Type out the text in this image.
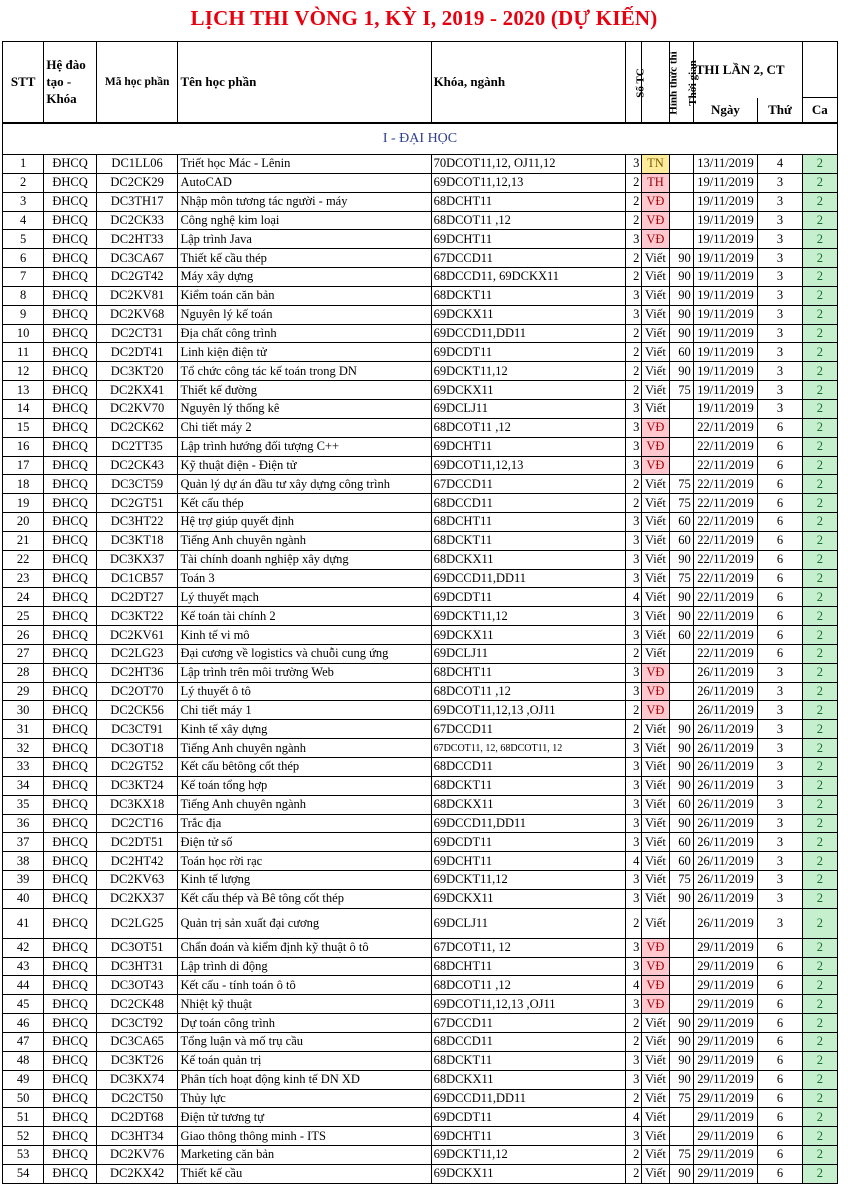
LỊCH THI VÒNG 1, KỲ I, 2019 - 2020 (DỰ KIẾN)
STT	Hệ đào tạo - Khóa	Mã học phần	Tên học phần	Khóa, ngành	Số TC	Hình thức thi	Thời gian	THI LẦN 2, CT		
								Ngày	Thứ	Ca
I - ĐẠI HỌC										
1	ĐHCQ	DC1LL06	Triết học Mác - Lênin	70DCOT11,12, OJ11,12	3	TN		13/11/2019	4	2
2	ĐHCQ	DC2CK29	AutoCAD	69DCOT11,12,13	2	TH		19/11/2019	3	2
3	ĐHCQ	DC3TH17	Nhập môn tương tác người - máy	68DCHT11	2	VĐ		19/11/2019	3	2
4	ĐHCQ	DC2CK33	Công nghệ kim loại	68DCOT11 ,12	2	VĐ		19/11/2019	3	2
5	ĐHCQ	DC2HT33	Lập trình Java	69DCHT11	3	VĐ		19/11/2019	3	2
6	ĐHCQ	DC3CA67	Thiết kế cầu thép	67DCCD11	2	Viết	90	19/11/2019	3	2
7	ĐHCQ	DC2GT42	Máy xây dựng	68DCCD11, 69DCKX11	2	Viết	90	19/11/2019	3	2
8	ĐHCQ	DC2KV81	Kiểm toán căn bản	68DCKT11	3	Viết	90	19/11/2019	3	2
9	ĐHCQ	DC2KV68	Nguyên lý kế toán	69DCKX11	3	Viết	90	19/11/2019	3	2
10	ĐHCQ	DC2CT31	Địa chất công trình	69DCCD11,DD11	2	Viết	90	19/11/2019	3	2
11	ĐHCQ	DC2DT41	Linh kiện điện tử	69DCDT11	2	Viết	60	19/11/2019	3	2
12	ĐHCQ	DC3KT20	Tổ chức công tác kế toán trong DN	69DCKT11,12	2	Viết	90	19/11/2019	3	2
13	ĐHCQ	DC2KX41	Thiết kế đường	69DCKX11	2	Viết	75	19/11/2019	3	2
14	ĐHCQ	DC2KV70	Nguyên lý thống kê	69DCLJ11	3	Viết		19/11/2019	3	2
15	ĐHCQ	DC2CK62	Chi tiết máy 2	68DCOT11 ,12	3	VĐ		22/11/2019	6	2
16	ĐHCQ	DC2TT35	Lập trình hướng đối tượng C++	69DCHT11	3	VĐ		22/11/2019	6	2
17	ĐHCQ	DC2CK43	Kỹ thuật điện - Điện tử	69DCOT11,12,13	3	VĐ		22/11/2019	6	2
18	ĐHCQ	DC3CT59	Quản lý dự án đầu tư xây dựng công trình	67DCCD11	2	Viết	75	22/11/2019	6	2
19	ĐHCQ	DC2GT51	Kết cấu thép	68DCCD11	2	Viết	75	22/11/2019	6	2
20	ĐHCQ	DC3HT22	Hệ trợ giúp quyết định	68DCHT11	3	Viết	60	22/11/2019	6	2
21	ĐHCQ	DC3KT18	Tiếng Anh chuyên ngành	68DCKT11	3	Viết	60	22/11/2019	6	2
22	ĐHCQ	DC3KX37	Tài chính doanh nghiệp xây dựng	68DCKX11	3	Viết	90	22/11/2019	6	2
23	ĐHCQ	DC1CB57	Toán 3	69DCCD11,DD11	3	Viết	75	22/11/2019	6	2
24	ĐHCQ	DC2DT27	Lý thuyết mạch	69DCDT11	4	Viết	90	22/11/2019	6	2
25	ĐHCQ	DC3KT22	Kế toán tài chính 2	69DCKT11,12	3	Viết	90	22/11/2019	6	2
26	ĐHCQ	DC2KV61	Kinh tế vi mô	69DCKX11	3	Viết	60	22/11/2019	6	2
27	ĐHCQ	DC2LG23	Đại cương về logistics và chuỗi cung ứng	69DCLJ11	2	Viết		22/11/2019	6	2
28	ĐHCQ	DC2HT36	Lập trình trên môi trường Web	68DCHT11	3	VĐ		26/11/2019	3	2
29	ĐHCQ	DC2OT70	Lý thuyết ô tô	68DCOT11 ,12	3	VĐ		26/11/2019	3	2
30	ĐHCQ	DC2CK56	Chi tiết máy 1	69DCOT11,12,13 ,OJ11	2	VĐ		26/11/2019	3	2
31	ĐHCQ	DC3CT91	Kinh tế xây dựng	67DCCD11	2	Viết	90	26/11/2019	3	2
32	ĐHCQ	DC3OT18	Tiếng Anh chuyên ngành	67DCOT11, 12, 68DCOT11, 12	3	Viết	90	26/11/2019	3	2
33	ĐHCQ	DC2GT52	Kết cấu bêtông cốt thép	68DCCD11	3	Viết	90	26/11/2019	3	2
34	ĐHCQ	DC3KT24	Kế toán tổng hợp	68DCKT11	3	Viết	90	26/11/2019	3	2
35	ĐHCQ	DC3KX18	Tiếng Anh chuyên ngành	68DCKX11	3	Viết	60	26/11/2019	3	2
36	ĐHCQ	DC2CT16	Trắc địa	69DCCD11,DD11	3	Viết	90	26/11/2019	3	2
37	ĐHCQ	DC2DT51	Điện tử số	69DCDT11	3	Viết	60	26/11/2019	3	2
38	ĐHCQ	DC2HT42	Toán học rời rạc	69DCHT11	4	Viết	60	26/11/2019	3	2
39	ĐHCQ	DC2KV63	Kinh tế lượng	69DCKT11,12	3	Viết	75	26/11/2019	3	2
40	ĐHCQ	DC2KX37	Kết cấu thép và Bê tông cốt thép	69DCKX11	3	Viết	90	26/11/2019	3	2
41	ĐHCQ	DC2LG25	Quản trị sản xuất đại cương	69DCLJ11	2	Viết		26/11/2019	3	2
42	ĐHCQ	DC3OT51	Chẩn đoán và kiểm định kỹ thuật ô tô	67DCOT11, 12	3	VĐ		29/11/2019	6	2
43	ĐHCQ	DC3HT31	Lập trình di động	68DCHT11	3	VĐ		29/11/2019	6	2
44	ĐHCQ	DC3OT43	Kết cấu - tính toán ô tô	68DCOT11 ,12	4	VĐ		29/11/2019	6	2
45	ĐHCQ	DC2CK48	Nhiệt kỹ thuật	69DCOT11,12,13 ,OJ11	3	VĐ		29/11/2019	6	2
46	ĐHCQ	DC3CT92	Dự toán công trình	67DCCD11	2	Viết	90	29/11/2019	6	2
47	ĐHCQ	DC3CA65	Tổng luận và mố trụ cầu	68DCCD11	2	Viết	90	29/11/2019	6	2
48	ĐHCQ	DC3KT26	Kế toán quản trị	68DCKT11	3	Viết	90	29/11/2019	6	2
49	ĐHCQ	DC3KX74	Phân tích hoạt động kinh tế DN XD	68DCKX11	3	Viết	90	29/11/2019	6	2
50	ĐHCQ	DC2CT50	Thủy lực	69DCCD11,DD11	2	Viết	75	29/11/2019	6	2
51	ĐHCQ	DC2DT68	Điện tử tương tự	69DCDT11	4	Viết		29/11/2019	6	2
52	ĐHCQ	DC3HT34	Giao thông thông minh - ITS	69DCHT11	3	Viết		29/11/2019	6	2
53	ĐHCQ	DC2KV76	Marketing căn bản	69DCKT11,12	2	Viết	75	29/11/2019	6	2
54	ĐHCQ	DC2KX42	Thiết kế cầu	69DCKX11	2	Viết	90	29/11/2019	6	2
